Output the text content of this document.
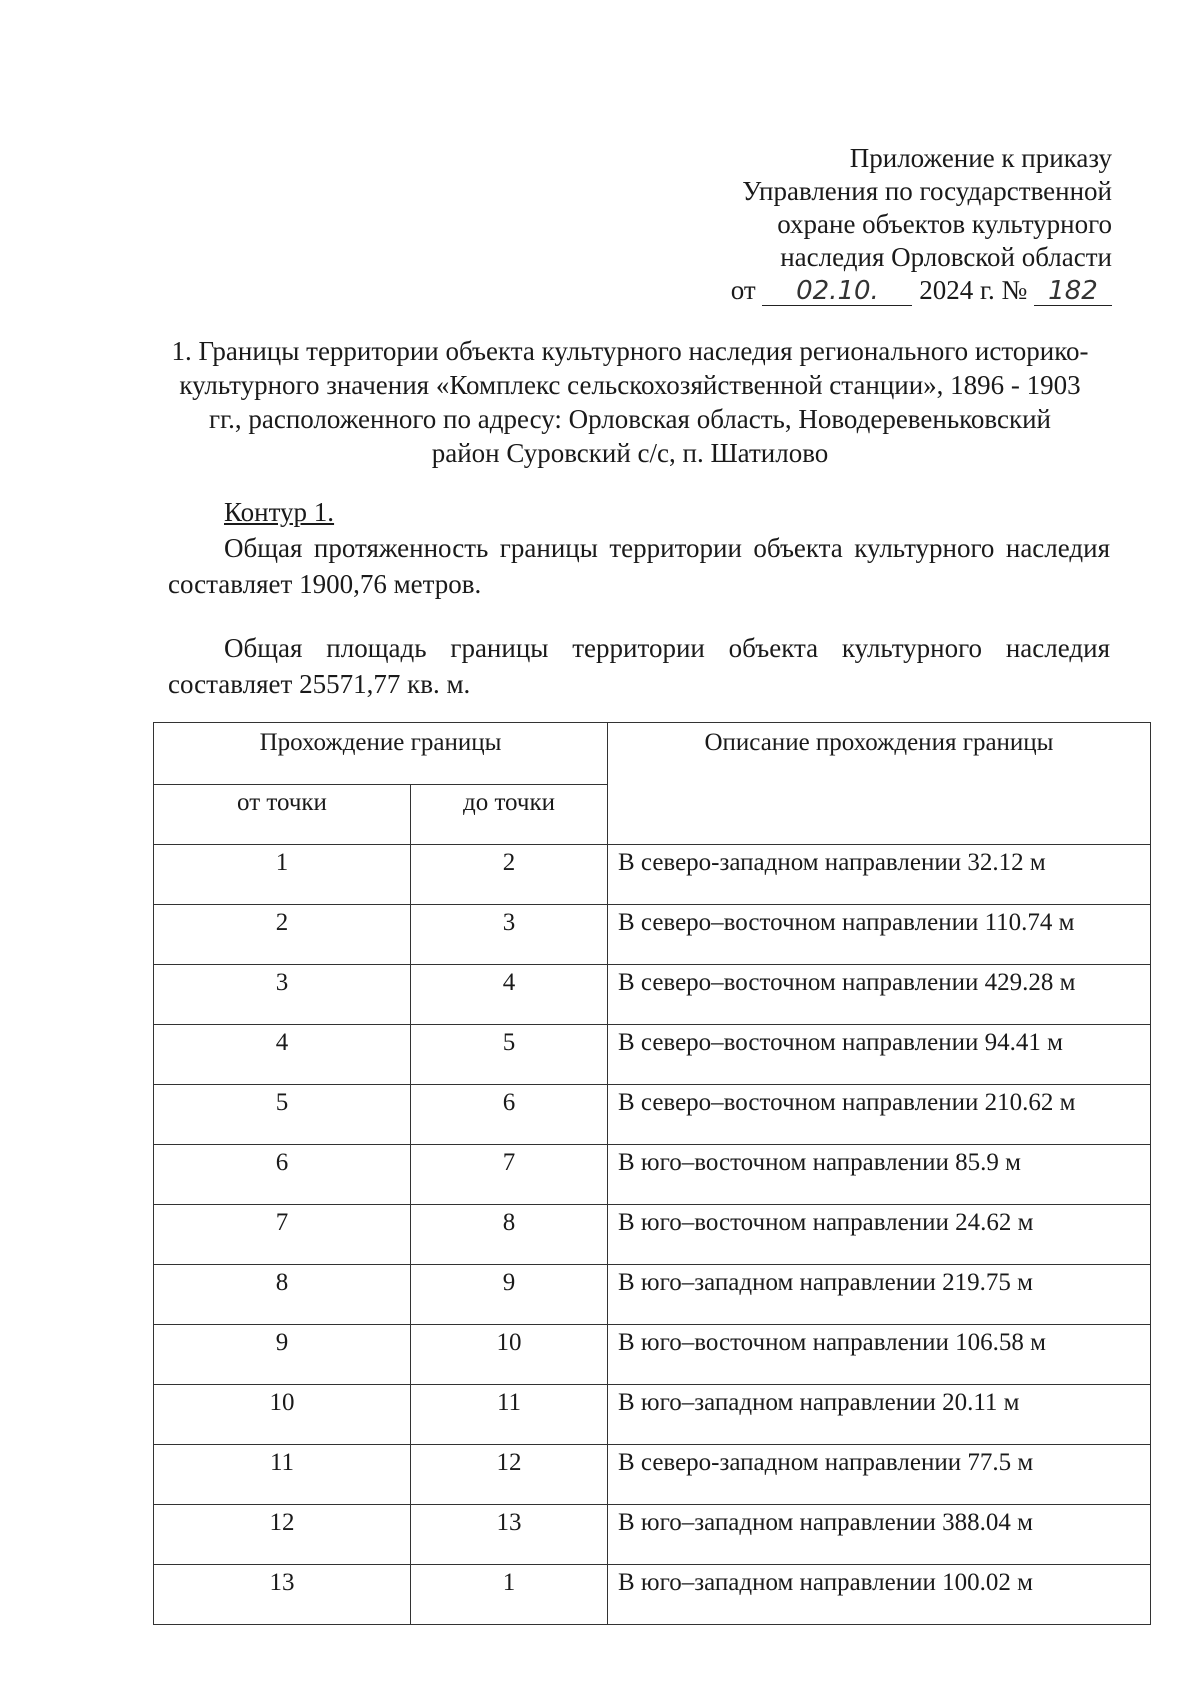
Приложение к приказу
Управления по государственной
охране объектов культурного
наследия Орловской области
от 02.10. 2024 г. № 182
1. Границы территории объекта культурного наследия регионального историко-
культурного значения «Комплекс сельскохозяйственной станции», 1896 - 1903
гг., расположенного по адресу: Орловская область, Новодеревеньковский
район Суровский с/с, п. Шатилово
Контур 1.

Общая протяженность границы территории объекта культурного наследия составляет 1900,76 метров.

Общая площадь границы территории объекта культурного наследия составляет 25571,77 кв. м.

Прохождение границы		Описание прохождения границы
от точки	до точки	
1	2	В северо-западном направлении 32.12 м
2	3	В северо–восточном направлении 110.74 м
3	4	В северо–восточном направлении 429.28 м
4	5	В северо–восточном направлении 94.41 м
5	6	В северо–восточном направлении 210.62 м
6	7	В юго–восточном направлении 85.9 м
7	8	В юго–восточном направлении 24.62 м
8	9	В юго–западном направлении 219.75 м
9	10	В юго–восточном направлении 106.58 м
10	11	В юго–западном направлении 20.11 м
11	12	В северо-западном направлении 77.5 м
12	13	В юго–западном направлении 388.04 м
13	1	В юго–западном направлении 100.02 м
